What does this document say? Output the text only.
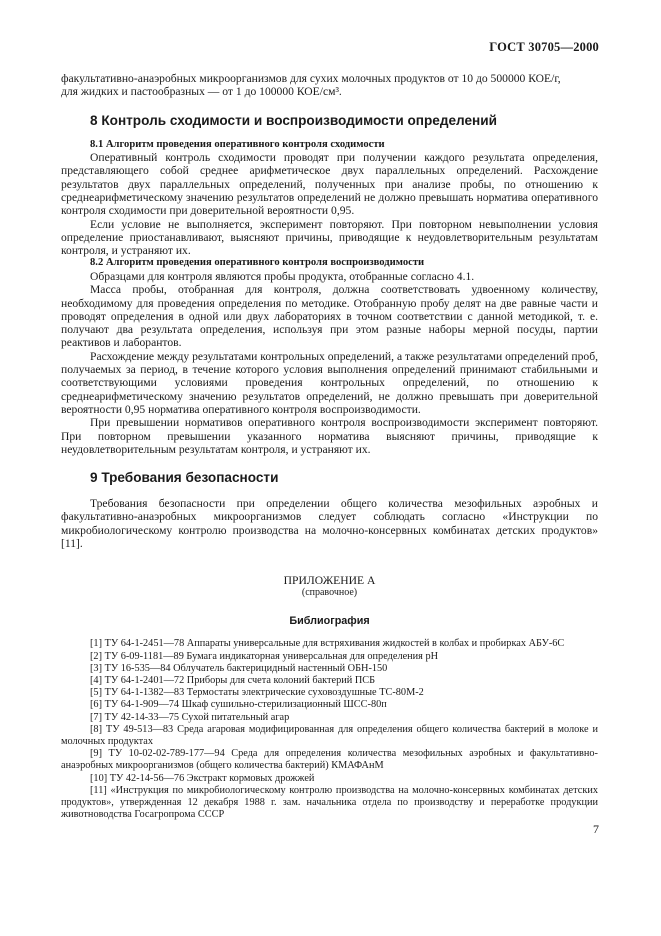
ГОСТ 30705—2000

факультативно-анаэробных микроорганизмов для сухих молочных продуктов от 10 до 500000 КОЕ/г,

для жидких и пастообразных — от 1 до 100000 КОЕ/см³.

8 Контроль сходимости и воспроизводимости определений
8.1 Алгоритм проведения оперативного контроля сходимости

Оперативный контроль сходимости проводят при получении каждого результата определения, представляющего собой среднее арифметическое двух параллельных определений. Расхождение результатов двух параллельных определений, полученных при анализе пробы, по отношению к среднеарифметическому значению результатов определений не должно превышать норматива оперативного контроля сходимости при доверительной вероятности 0,95.

Если условие не выполняется, эксперимент повторяют. При повторном невыполнении условия определение приостанавливают, выясняют причины, приводящие к неудовлетворительным результатам контроля, и устраняют их.

8.2 Алгоритм проведения оперативного контроля воспроизводимости

Образцами для контроля являются пробы продукта, отобранные согласно 4.1.

Масса пробы, отобранная для контроля, должна соответствовать удвоенному количеству, необходимому для проведения определения по методике. Отобранную пробу делят на две равные части и проводят определения в одной или двух лабораториях в точном соответствии с данной методикой, т. е. получают два результата определения, используя при этом разные наборы мерной посуды, партии реактивов и лаборантов.

Расхождение между результатами контрольных определений, а также результатами определений проб, получаемых за период, в течение которого условия выполнения определений принимают стабильными и соответствующими условиями проведения контрольных определений, по отношению к среднеарифметическому значению результатов определений, не должно превышать при доверительной вероятности 0,95 норматива оперативного контроля воспроизводимости.

При превышении нормативов оперативного контроля воспроизводимости эксперимент повторяют. При повторном превышении указанного норматива выясняют причины, приводящие к неудовлетворительным результатам контроля, и устраняют их.

9 Требования безопасности

Требования безопасности при определении общего количества мезофильных аэробных и факультативно-анаэробных микроорганизмов следует соблюдать согласно «Инструкции по микробиологическому контролю производства на молочно-консервных комбинатах детских продуктов» [11].

ПРИЛОЖЕНИЕ А

(справочное)

Библиография

[1] ТУ 64-1-2451—78 Аппараты универсальные для встряхивания жидкостей в колбах и пробирках АБУ-6С

[2] ТУ 6-09-1181—89 Бумага индикаторная универсальная для определения pH

[3] ТУ 16-535—84 Облучатель бактерицидный настенный ОБН-150

[4] ТУ 64-1-2401—72 Приборы для счета колоний бактерий ПСБ

[5] ТУ 64-1-1382—83 Термостаты электрические суховоздушные ТС-80М-2

[6] ТУ 64-1-909—74 Шкаф сушильно-стерилизационный ШСС-80п

[7] ТУ 42-14-33—75 Сухой питательный агар

[8] ТУ 49-513—83 Среда агаровая модифицированная для определения общего количества бактерий в молоке и молочных продуктах

[9] ТУ 10-02-02-789-177—94 Среда для определения количества мезофильных аэробных и факультативно-анаэробных микроорганизмов (общего количества бактерий) КМАФАнМ

[10] ТУ 42-14-56—76 Экстракт кормовых дрожжей

[11] «Инструкция по микробиологическому контролю производства на молочно-консервных комбинатах детских продуктов», утвержденная 12 декабря 1988 г. зам. начальника отдела по производству и переработке продукции животноводства Госагропрома СССР

7
